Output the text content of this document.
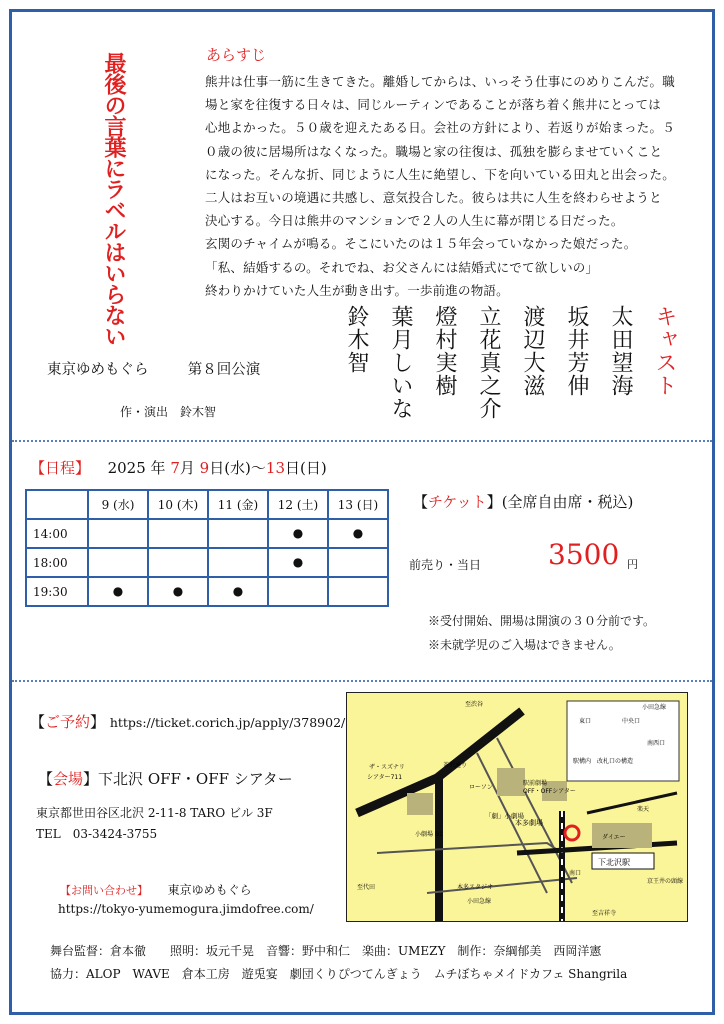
最後の言葉にラベルはいらない	あらすじ

熊井は仕事一筋に生きてきた。離婚してからは、いっそう仕事にのめりこんだ。職

場と家を往復する日々は、同じルーティンであることが落ち着く熊井にとっては

心地よかった。５０歳を迎えたある日。会社の方針により、若返りが始まった。５

０歳の彼に居場所はなくなった。職場と家の往復は、孤独を膨らませていくこと

になった。そんな折、同じように人生に絶望し、下を向いている田丸と出会った。

二人はお互いの境遇に共感し、意気投合した。彼らは共に人生を終わらせようと

決心する。今日は熊井のマンションで２人の人生に幕が閉じる日だった。

玄関のチャイムが鳴る。そこにいたのは１５年会っていなかった娘だった。

「私、結婚するの。それでね、お父さんには結婚式にでて欲しいの」

終わりかけていた人生が動き出す。一歩前進の物語。

キャスト
太田望海
坂井芳伸
渡辺大滋
立花真之介
燈村実樹
葉月しいな
鈴木智
東京ゆめもぐら	第８回公演
作・演出　鈴木智
【日程】 2025 年 7月 9日(水)〜13日(日)
	9 (水)	10 (木)	11 (金)	12 (土)	13 (日)
14:00				●	●
18:00				●	
19:30	●	●	●		
【チケット】(全席自由席・税込)
前売り・当日 3500 円
※受付開始、開場は開演の３０分前です。
※未就学児のご入場はできません。
【ご予約】 https://ticket.corich.jp/apply/378902/
【会場】下北沢 OFF・OFF シアター
東京都世田谷区北沢 2-11-8 TARO ビル 3F
TEL　03-3424-3755
【お問い合わせ】 東京ゆめもぐら
https://tokyo-yumemogura.jimdofree.com/
舞台監督：倉本徹　　照明：坂元千晃　音響：野中和仁　楽曲：UMEZY　制作：奈綱郁美　西岡洋憲
協力：ALOP　WAVE　倉本工房　遊兎宴　劇団くりぴつてんぎょう　ムチぼちゃメイドカフェ Shangrila
至渋谷	小田急線
東口	中央口
南西口
駅構内　改札口の構造
ザ・スズナリ
シアター711
茶沢通り
ローソン
「劇」小劇場
駅前劇場
OFF・OFFシアター
本多劇場
小劇場 B1
本多スタジオ
小田急線
下北沢駅
南口
ダイエー
京王井の頭線
楽天
至吉祥寺
至代田
